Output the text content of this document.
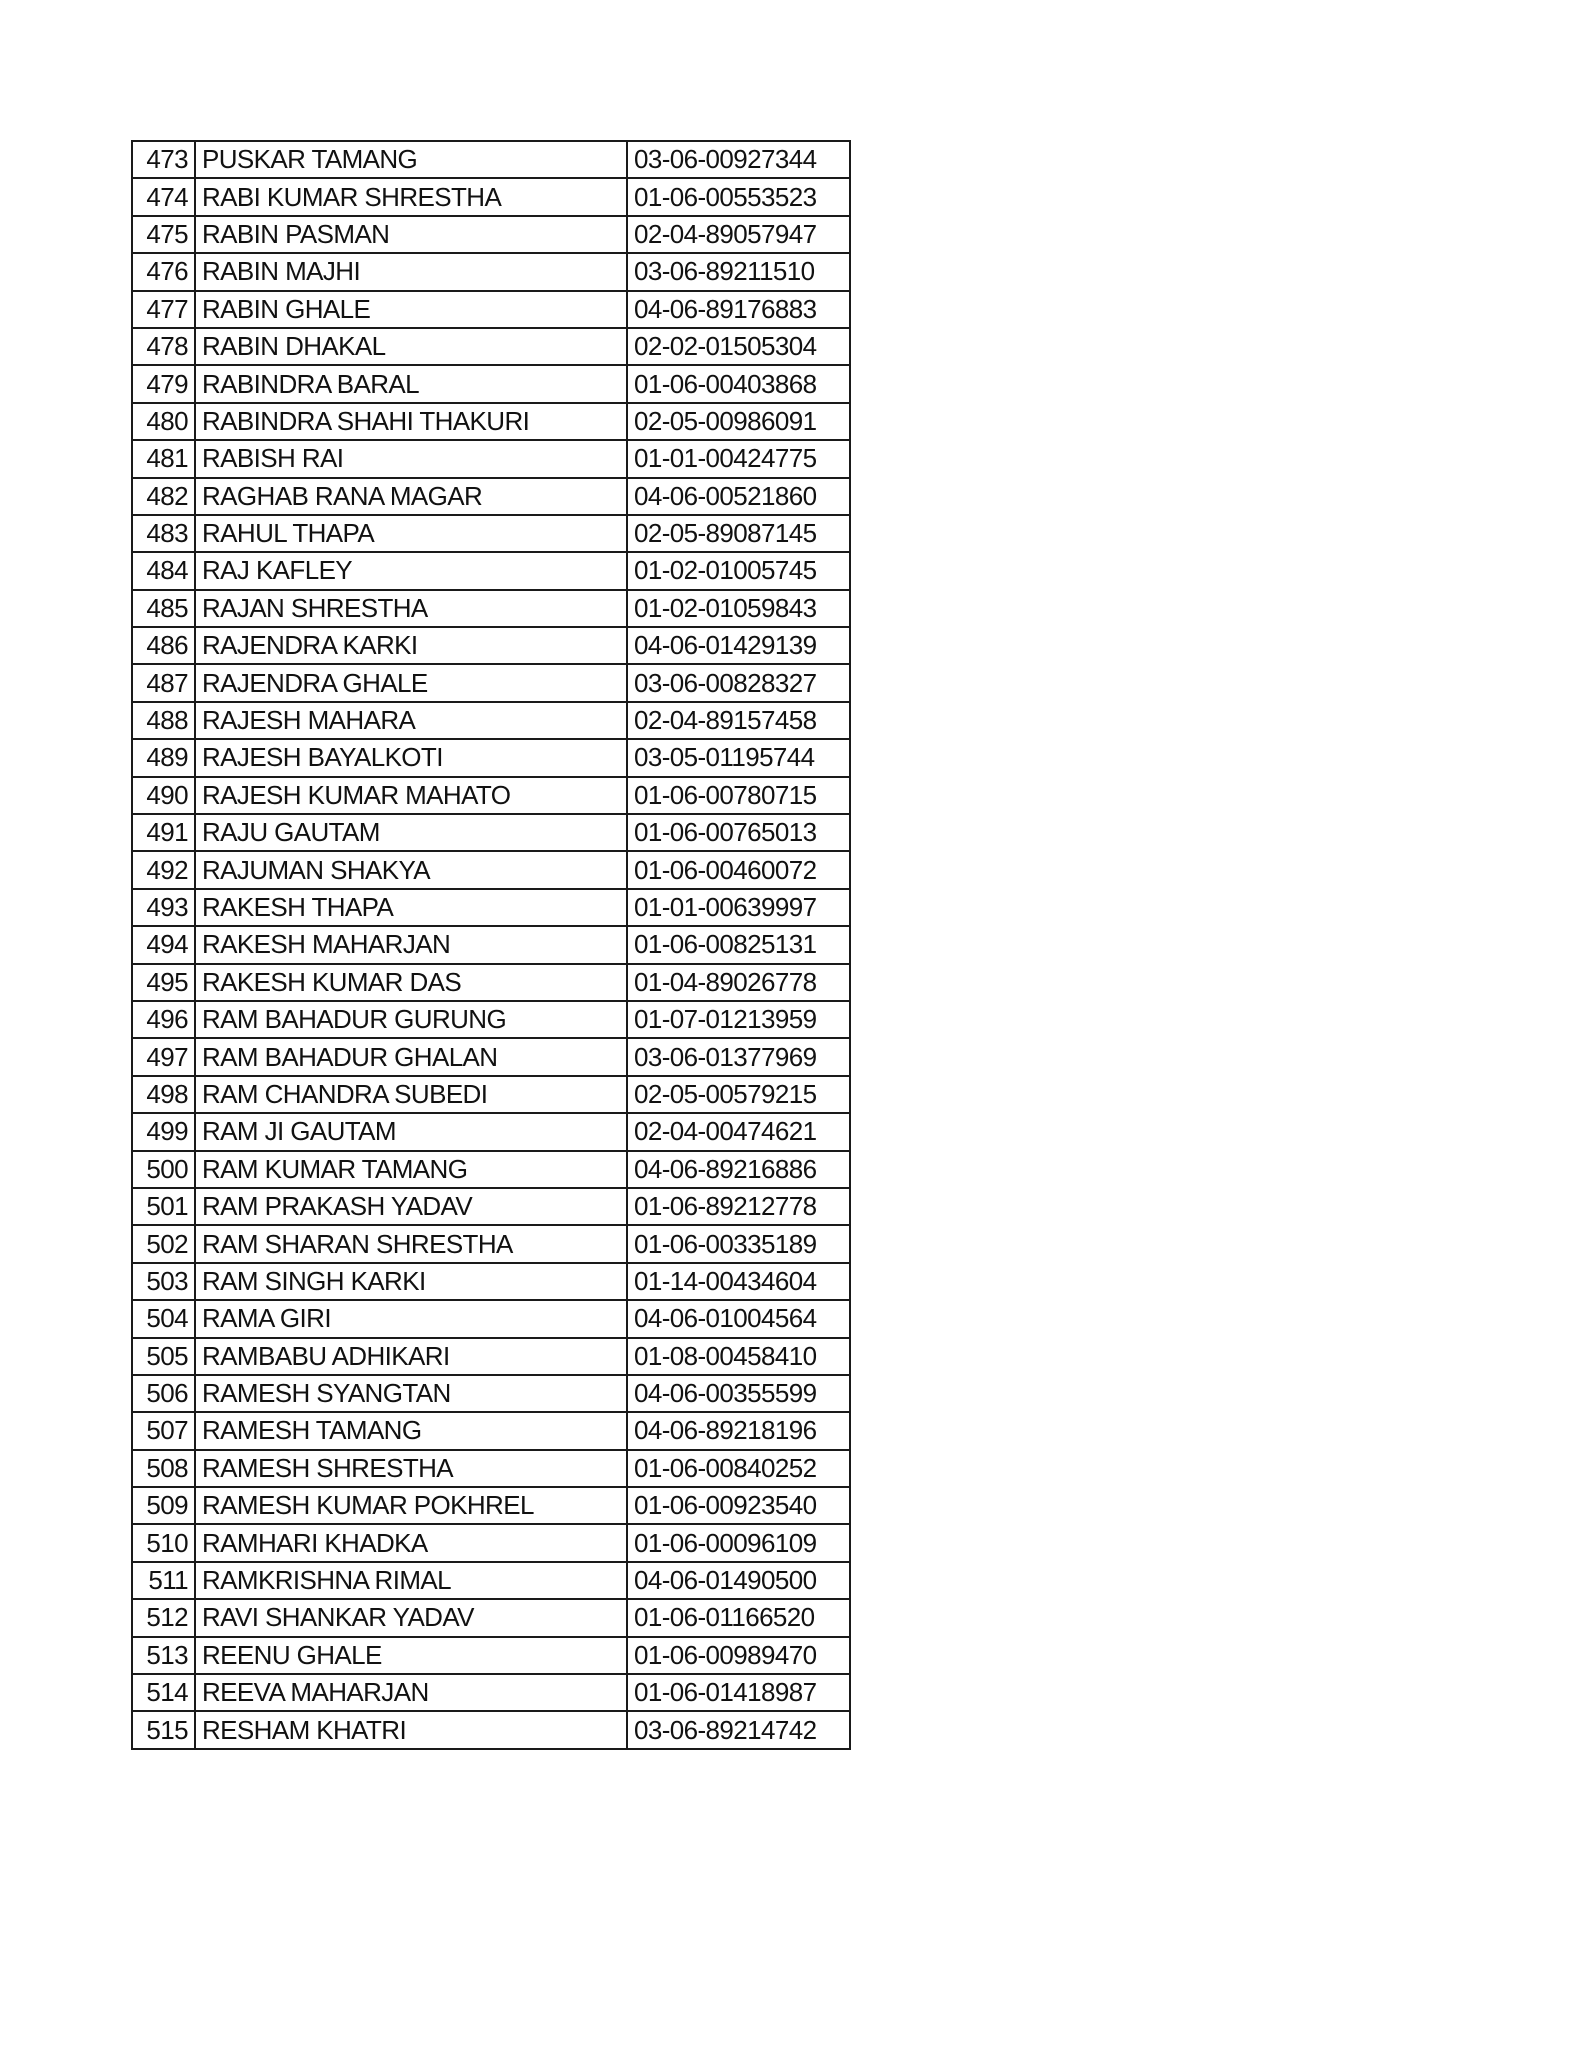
473	PUSKAR TAMANG	03-06-00927344
474	RABI KUMAR SHRESTHA	01-06-00553523
475	RABIN PASMAN	02-04-89057947
476	RABIN MAJHI	03-06-89211510
477	RABIN GHALE	04-06-89176883
478	RABIN DHAKAL	02-02-01505304
479	RABINDRA BARAL	01-06-00403868
480	RABINDRA SHAHI THAKURI	02-05-00986091
481	RABISH RAI	01-01-00424775
482	RAGHAB RANA MAGAR	04-06-00521860
483	RAHUL THAPA	02-05-89087145
484	RAJ KAFLEY	01-02-01005745
485	RAJAN SHRESTHA	01-02-01059843
486	RAJENDRA KARKI	04-06-01429139
487	RAJENDRA GHALE	03-06-00828327
488	RAJESH MAHARA	02-04-89157458
489	RAJESH BAYALKOTI	03-05-01195744
490	RAJESH KUMAR MAHATO	01-06-00780715
491	RAJU GAUTAM	01-06-00765013
492	RAJUMAN SHAKYA	01-06-00460072
493	RAKESH THAPA	01-01-00639997
494	RAKESH MAHARJAN	01-06-00825131
495	RAKESH KUMAR DAS	01-04-89026778
496	RAM BAHADUR GURUNG	01-07-01213959
497	RAM BAHADUR GHALAN	03-06-01377969
498	RAM CHANDRA SUBEDI	02-05-00579215
499	RAM JI GAUTAM	02-04-00474621
500	RAM KUMAR TAMANG	04-06-89216886
501	RAM PRAKASH YADAV	01-06-89212778
502	RAM SHARAN SHRESTHA	01-06-00335189
503	RAM SINGH KARKI	01-14-00434604
504	RAMA GIRI	04-06-01004564
505	RAMBABU ADHIKARI	01-08-00458410
506	RAMESH SYANGTAN	04-06-00355599
507	RAMESH TAMANG	04-06-89218196
508	RAMESH SHRESTHA	01-06-00840252
509	RAMESH KUMAR POKHREL	01-06-00923540
510	RAMHARI KHADKA	01-06-00096109
511	RAMKRISHNA RIMAL	04-06-01490500
512	RAVI SHANKAR YADAV	01-06-01166520
513	REENU GHALE	01-06-00989470
514	REEVA MAHARJAN	01-06-01418987
515	RESHAM KHATRI	03-06-89214742
